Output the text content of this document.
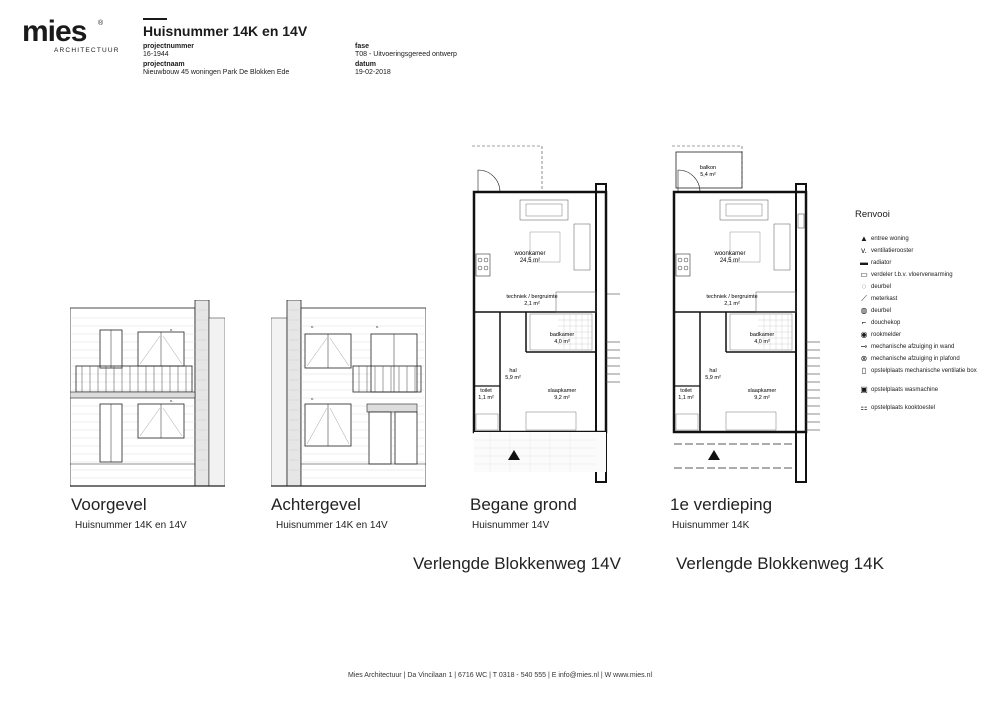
mies ®
ARCHITECTUUR
Huisnummer 14K en 14V
projectnummer
16-1944
projectnaam
Nieuwbouw 45 woningen Park De Blokken Ede
fase
T08 - Uitvoeringsgereed ontwerp
datum
19-02-2018
v.
v.
v.	v.
v.
woonkamer
24,5 m²
techniek / bergruimte
2,1 m²
badkamer
4,0 m²
hal
5,9 m²
toilet
1,1 m²
slaapkamer
9,2 m²
balkon
5,4 m²
woonkamer
24,5 m²
techniek / bergruimte
2,1 m²
badkamer
4,0 m²
hal
5,9 m²
toilet
1,1 m²
slaapkamer
9,2 m²
Voorgevel
Huisnummer 14K en 14V
Achtergevel
Huisnummer 14K en 14V
Begane grond
Huisnummer 14V
1e verdieping
Huisnummer 14K
Verlengde Blokkenweg 14V	Verlengde Blokkenweg 14K
Renvooi
▲ entree woning
v. ventilatierooster
▬ radiator
▭ verdeler t.b.v. vloerverwarming
◌ deurbel
⟋ meterkast
◍ deurbel
⌐ douchekop
◉ rookmelder
⊸ mechanische afzuiging in wand
⊗ mechanische afzuiging in plafond
▯ opstelplaats mechanische ventilatie box
▣ opstelplaats wasmachine
⚏ opstelplaats kooktoestel
Mies Architectuur | Da Vincilaan 1 | 6716 WC | T 0318 - 540 555 | E info@mies.nl | W www.mies.nl
